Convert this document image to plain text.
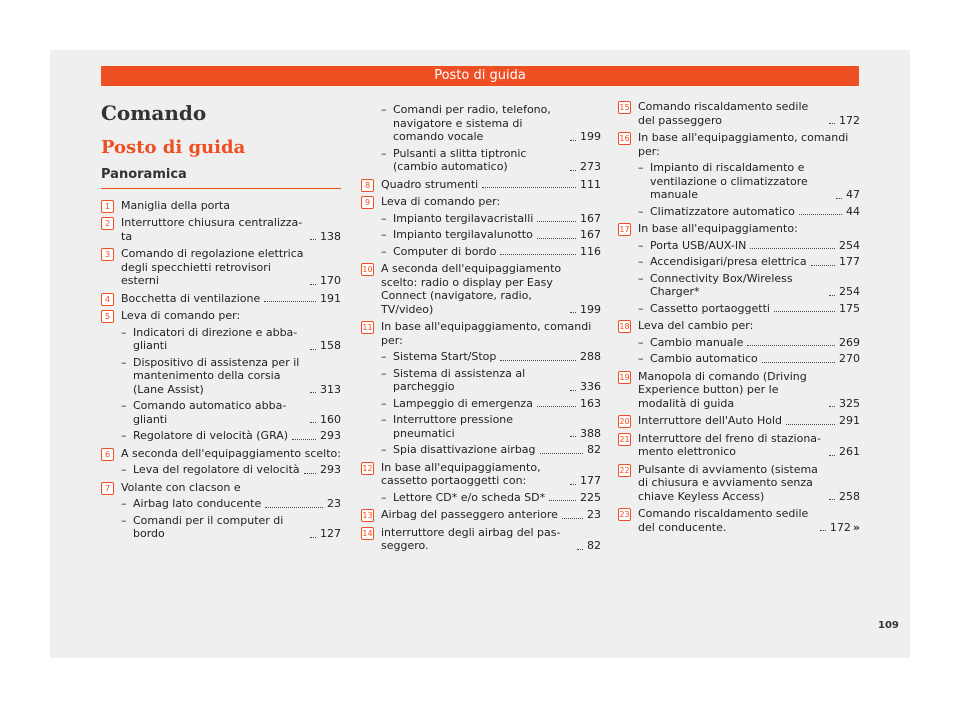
Posto di guida
Comando
Posto di guida
Panoramica
1 Maniglia della porta
2 Interruttore chiusura centralizzata	138
3 Comando di regolazione elettrica degli specchietti retrovisori esterni	170
4 Bocchetta di ventilazione	191
5 Leva di comando per:
– Indicatori di direzione e abbaglianti	158
– Dispositivo di assistenza per il mantenimento della corsia (Lane Assist)	313
– Comando automatico abbaglianti	160
– Regolatore di velocità (GRA)	293
6 A seconda dell'equipaggiamento scelto:
– Leva del regolatore di velocità 293
7 Volante con clacson e
– Airbag lato conducente	23
– Comandi per il computer di bordo	127
– Comandi per radio, telefono, navigatore e sistema di comando vocale	199
– Pulsanti a slitta tiptronic (cambio automatico)	273
8 Quadro strumenti	111
9 Leva di comando per:
– Impianto tergilavacristalli	167
– Impianto tergilavalunotto	167
– Computer di bordo	116
10 A seconda dell'equipaggiamento scelto: radio o display per Easy Connect (navigatore, radio, TV/video)	199
11 In base all'equipaggiamento, comandi per:
– Sistema Start/Stop	288
– Sistema di assistenza al parcheggio	336
– Lampeggio di emergenza	163
– Interruttore pressione pneumatici	388
– Spia disattivazione airbag	82
12 In base all'equipaggiamento, cassetto portaoggetti con:	177
– Lettore CD* e/o scheda SD*	225
13 Airbag del passeggero anteriore	23
14 interruttore degli airbag del passeggero.	82
15 Comando riscaldamento sedile del passeggero	172
16 In base all'equipaggiamento, comandi per:
– Impianto di riscaldamento e ventilazione o climatizzatore manuale	47
– Climatizzatore automatico	44
17 In base all'equipaggiamento:
– Porta USB/AUX-IN	254
– Accendisigari/presa elettrica	177
– Connectivity Box/Wireless Charger*	254
– Cassetto portaoggetti	175
18 Leva del cambio per:
– Cambio manuale	269
– Cambio automatico	270
19 Manopola di comando (Driving Experience button) per le modalità di guida	325
20 Interruttore dell'Auto Hold	291
21 Interruttore del freno di stazionamento elettronico	261
22 Pulsante di avviamento (sistema di chiusura e avviamento senza chiave Keyless Access)	258
23 Comando riscaldamento sedile del conducente.	172 »
109
